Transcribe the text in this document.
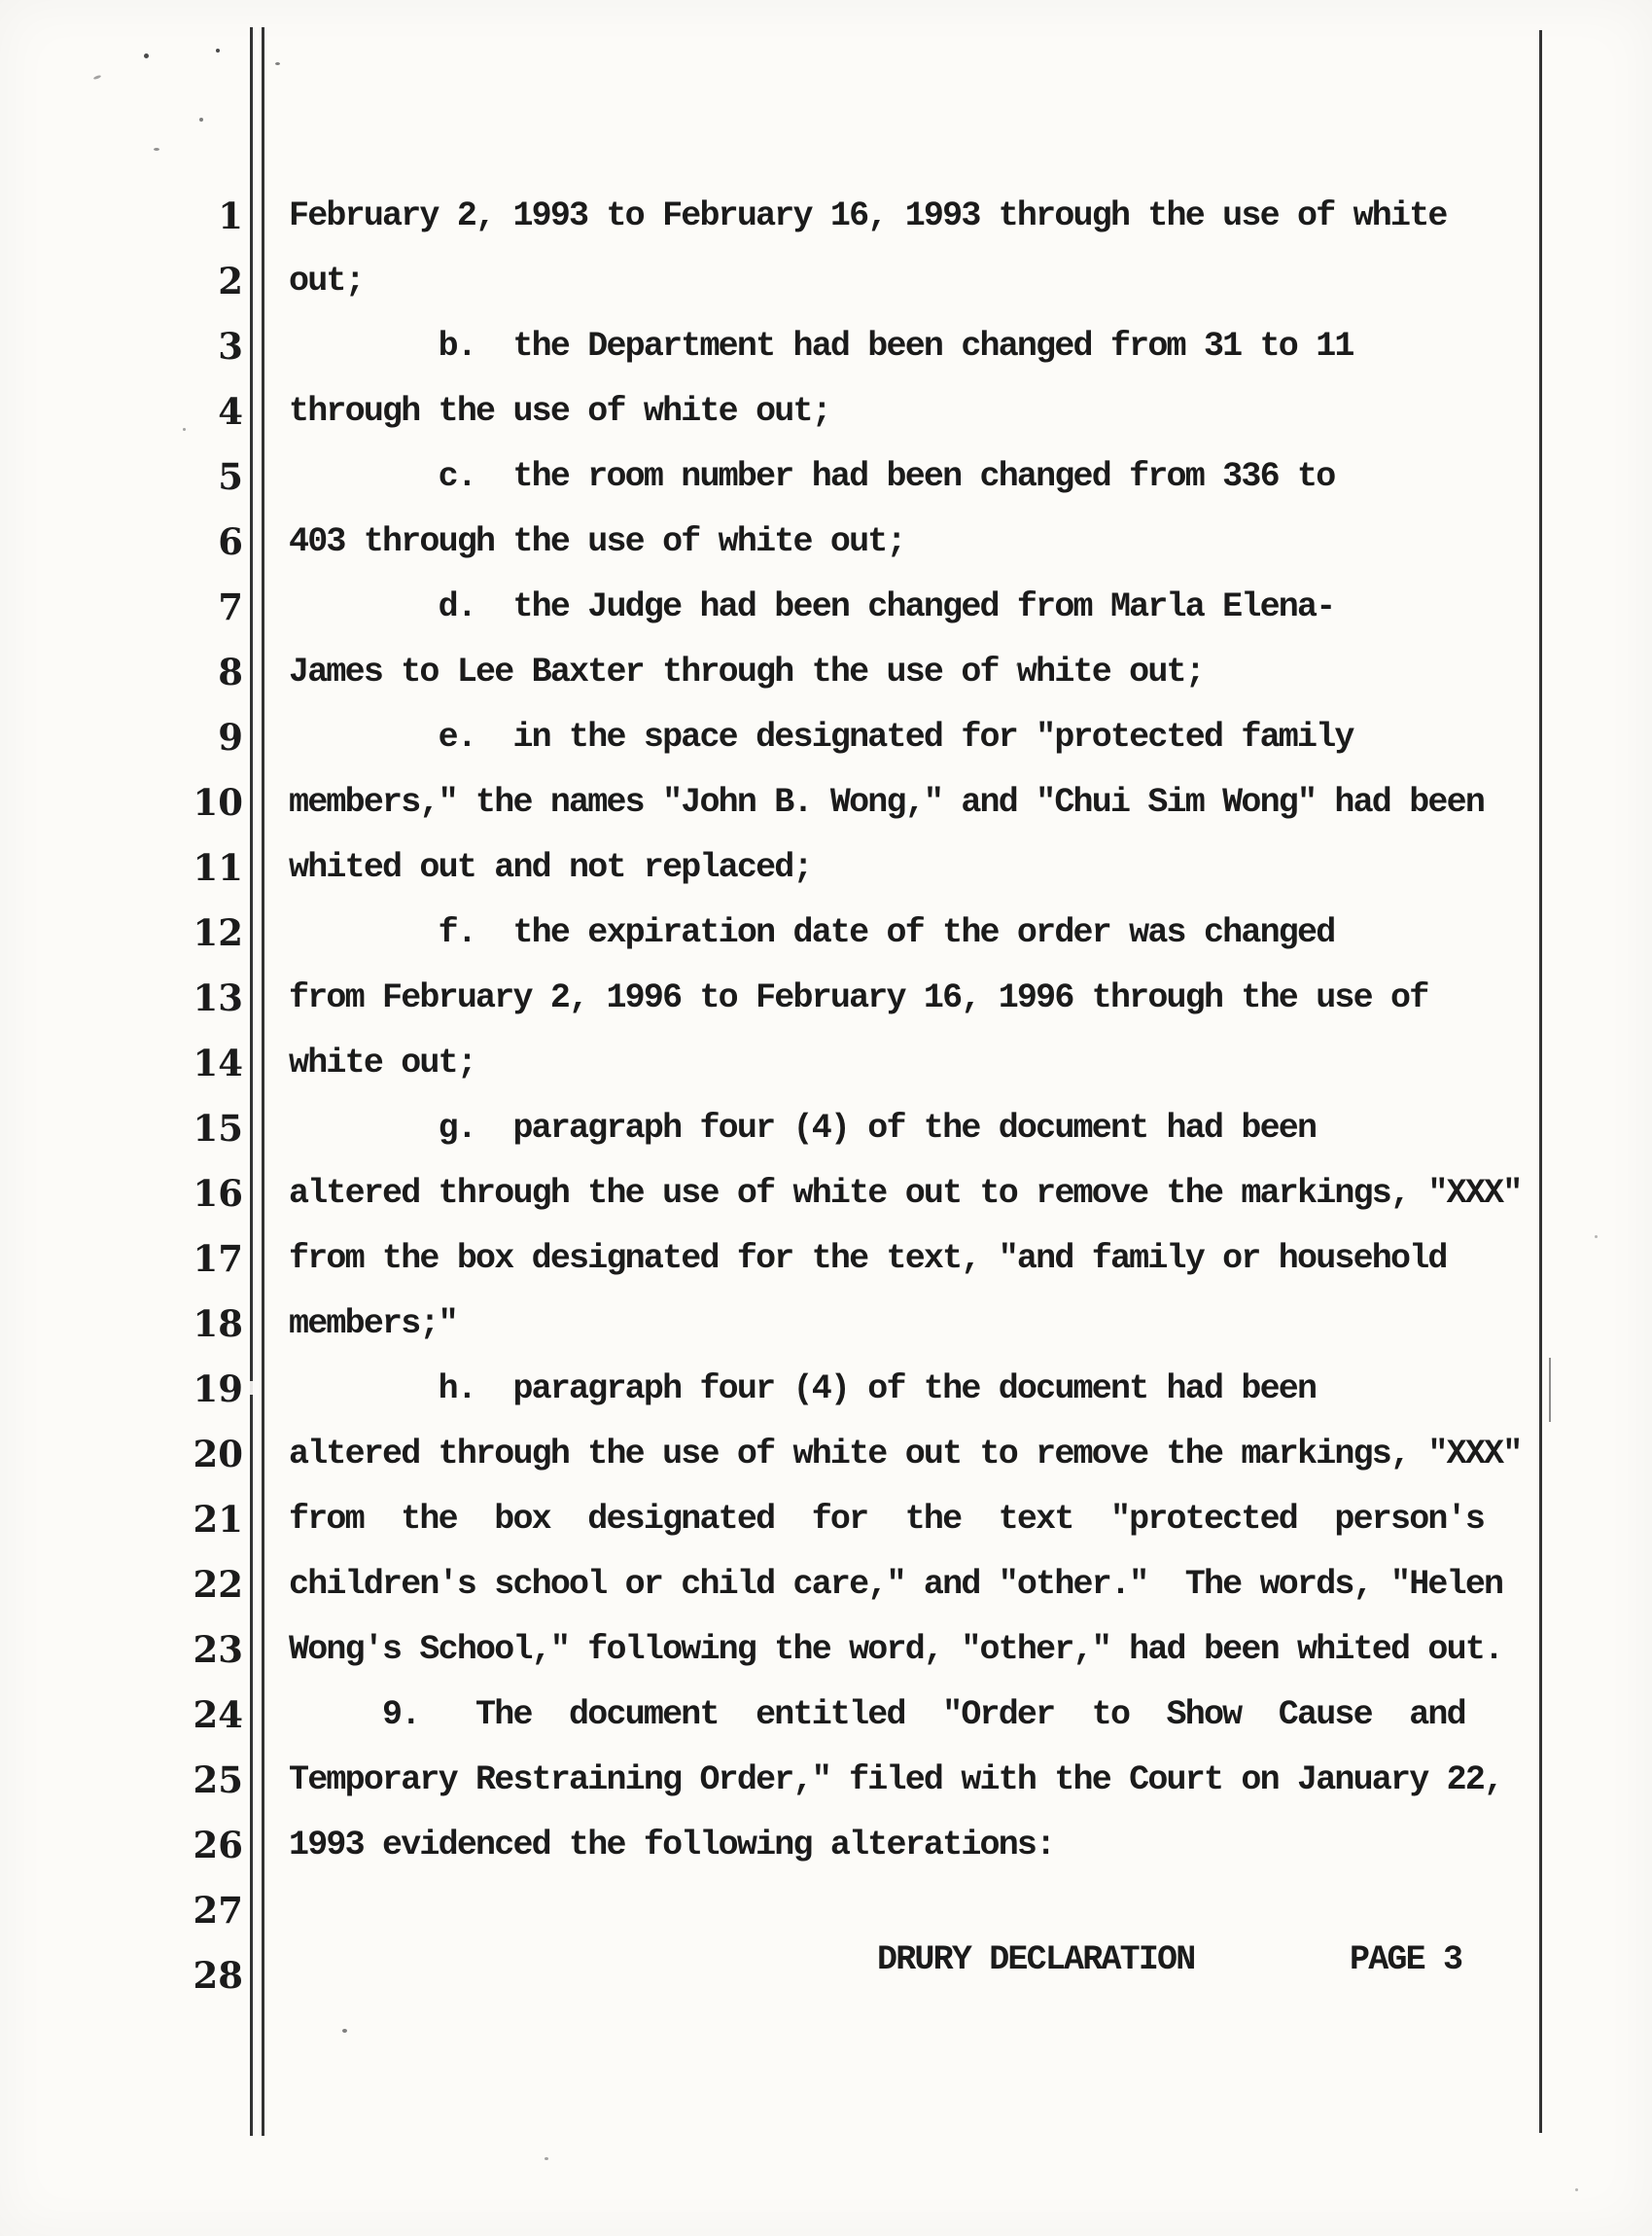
1
2
3
4
5
6
7
8
9
10
11
12
13
14
15
16
17
18
19
20
21
22
23
24
25
26
27
28
February 2, 1993 to February 16, 1993 through the use of white
out;
b.  the Department had been changed from 31 to 11
through the use of white out;
c.  the room number had been changed from 336 to
403 through the use of white out;
d.  the Judge had been changed from Marla Elena-
James to Lee Baxter through the use of white out;
e.  in the space designated for "protected family
members," the names "John B. Wong," and "Chui Sim Wong" had been
whited out and not replaced;
f.  the expiration date of the order was changed
from February 2, 1996 to February 16, 1996 through the use of
white out;
g.  paragraph four (4) of the document had been
altered through the use of white out to remove the markings, "XXX"
from the box designated for the text, "and family or household
members;"
h.  paragraph four (4) of the document had been
altered through the use of white out to remove the markings, "XXX"
from  the  box  designated  for  the  text  "protected  person's
children's school or child care," and "other."  The words, "Helen
Wong's School," following the word, "other," had been whited out.
9.   The  document  entitled  "Order  to  Show  Cause  and
Temporary Restraining Order," filed with the Court on January 22,
1993 evidenced the following alterations:
DRURY DECLARATION	PAGE 3
